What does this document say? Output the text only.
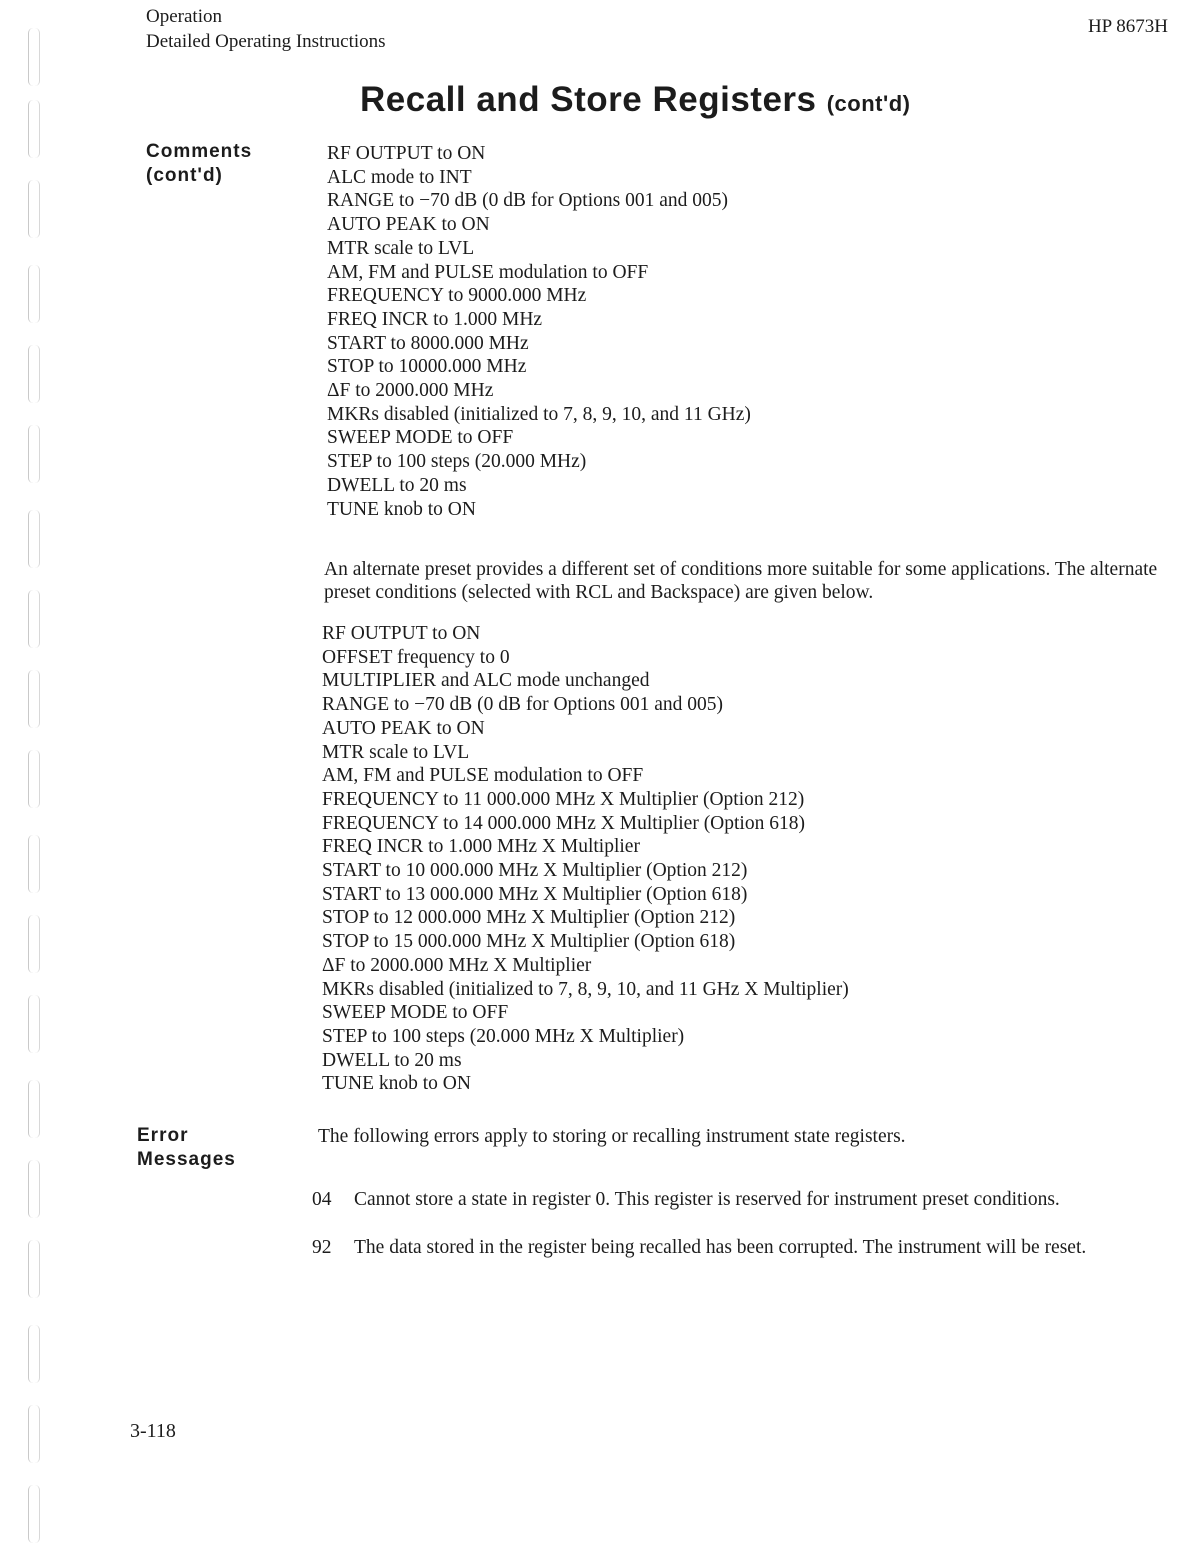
Operation
Detailed Operating Instructions
HP 8673H
Recall and Store Registers (cont'd)
Comments
(cont'd)
RF OUTPUT to ON
ALC mode to INT
RANGE to −70 dB (0 dB for Options 001 and 005)
AUTO PEAK to ON
MTR scale to LVL
AM, FM and PULSE modulation to OFF
FREQUENCY to 9000.000 MHz
FREQ INCR to 1.000 MHz
START to 8000.000 MHz
STOP to 10000.000 MHz
ΔF to 2000.000 MHz
MKRs disabled (initialized to 7, 8, 9, 10, and 11 GHz)
SWEEP MODE to OFF
STEP to 100 steps (20.000 MHz)
DWELL to 20 ms
TUNE knob to ON

An alternate preset provides a different set of conditions more suitable for some applications. The alternate preset conditions (selected with RCL and Backspace) are given below.

RF OUTPUT to ON
OFFSET frequency to 0
MULTIPLIER and ALC mode unchanged
RANGE to −70 dB (0 dB for Options 001 and 005)
AUTO PEAK to ON
MTR scale to LVL
AM, FM and PULSE modulation to OFF
FREQUENCY to 11 000.000 MHz X Multiplier (Option 212)
FREQUENCY to 14 000.000 MHz X Multiplier (Option 618)
FREQ INCR to 1.000 MHz X Multiplier
START to 10 000.000 MHz X Multiplier (Option 212)
START to 13 000.000 MHz X Multiplier (Option 618)
STOP to 12 000.000 MHz X Multiplier (Option 212)
STOP to 15 000.000 MHz X Multiplier (Option 618)
ΔF to 2000.000 MHz X Multiplier
MKRs disabled (initialized to 7, 8, 9, 10, and 11 GHz X Multiplier)
SWEEP MODE to OFF
STEP to 100 steps (20.000 MHz X Multiplier)
DWELL to 20 ms
TUNE knob to ON
Error
Messages
The following errors apply to storing or recalling instrument state registers.
04	Cannot store a state in register 0. This register is reserved for instrument preset conditions.
92	The data stored in the register being recalled has been corrupted. The instrument will be reset.
3-118
